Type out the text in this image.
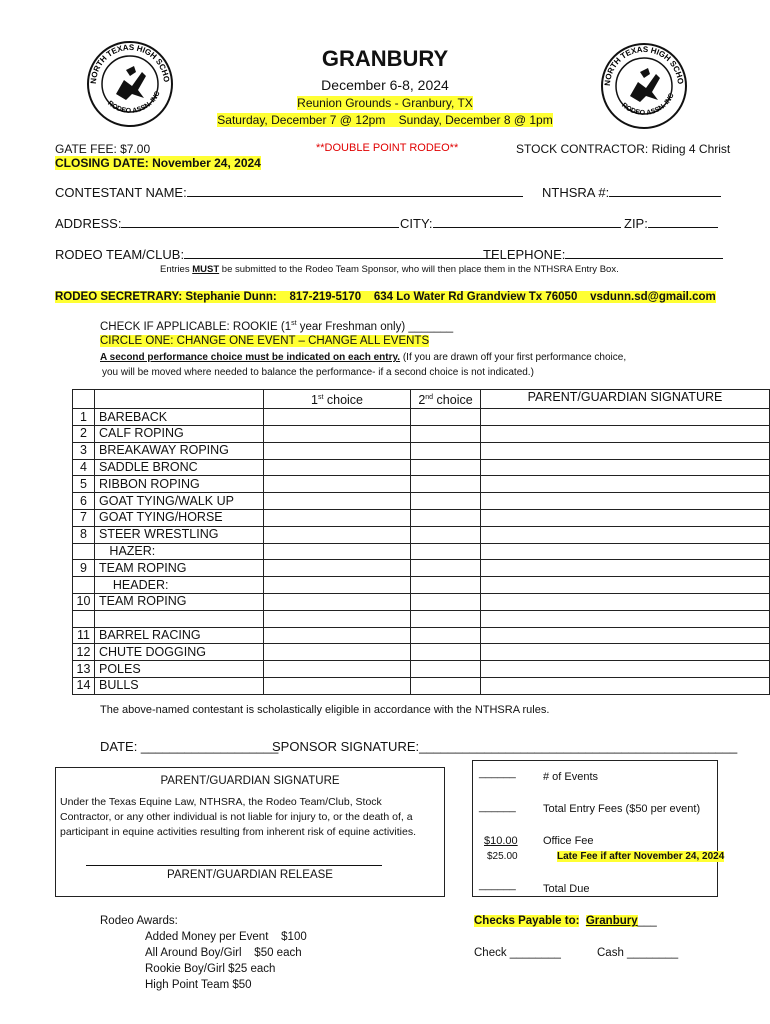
NORTH TEXAS HIGH SCHO
RODEO ASSN. INC
NORTH TEXAS HIGH SCHO
RODEO ASSN. INC
GRANBURY
December 6-8, 2024
Reunion Grounds - Granbury, TX
Saturday, December 7 @ 12pm    Sunday, December 8 @ 1pm
GATE FEE: $7.00	**DOUBLE POINT RODEO**	STOCK CONTRACTOR: Riding 4 Christ
CLOSING DATE: November 24, 2024
CONTESTANT NAME:	NTHSRA #:
ADDRESS:	CITY:	ZIP:
RODEO TEAM/CLUB:	TELEPHONE:
Entries MUST be submitted to the Rodeo Team Sponsor, who will then place them in the NTHSRA Entry Box.
RODEO SECRETRARY: Stephanie Dunn:    817-219-5170    634 Lo Water Rd Grandview Tx 76050    vsdunn.sd@gmail.com
CHECK IF APPLICABLE: ROOKIE (1st year Freshman only) _______
CIRCLE ONE: CHANGE ONE EVENT – CHANGE ALL EVENTS
A second performance choice must be indicated on each entry. (If you are drawn off your first performance choice,
you will be moved where needed to balance the performance- if a second choice is not indicated.)
		1st choice	2nd choice	PARENT/GUARDIAN SIGNATURE
1	BAREBACK			
2	CALF ROPING			
3	BREAKAWAY ROPING			
4	SADDLE BRONC			
5	RIBBON ROPING			
6	GOAT TYING/WALK UP			
7	GOAT TYING/HORSE			
8	STEER WRESTLING			
	HAZER:			
9	TEAM ROPING			
	HEADER:			
10	TEAM ROPING			

11	BARREL RACING			
12	CHUTE DOGGING			
13	POLES			
14	BULLS			
The above-named contestant is scholastically eligible in accordance with the NTHSRA rules.
DATE: ___________________
SPONSOR SIGNATURE:____________________________________________
PARENT/GUARDIAN SIGNATURE
Under the Texas Equine Law, NTHSRA, the Rodeo Team/Club, Stock
Contractor, or any other individual is not liable for injury to, or the death of, a
participant in equine activities resulting from inherent risk of equine activities.
PARENT/GUARDIAN RELEASE
______ # of Events
______ Total Entry Fees ($50 per event)
$10.00 Office Fee
$25.00	Late Fee if after November 24, 2024
______ Total Due
Rodeo Awards:
Added Money per Event    $100
All Around Boy/Girl    $50 each
Rookie Boy/Girl $25 each
High Point Team $50
Checks Payable to: Granbury___
Check ________	Cash ________
